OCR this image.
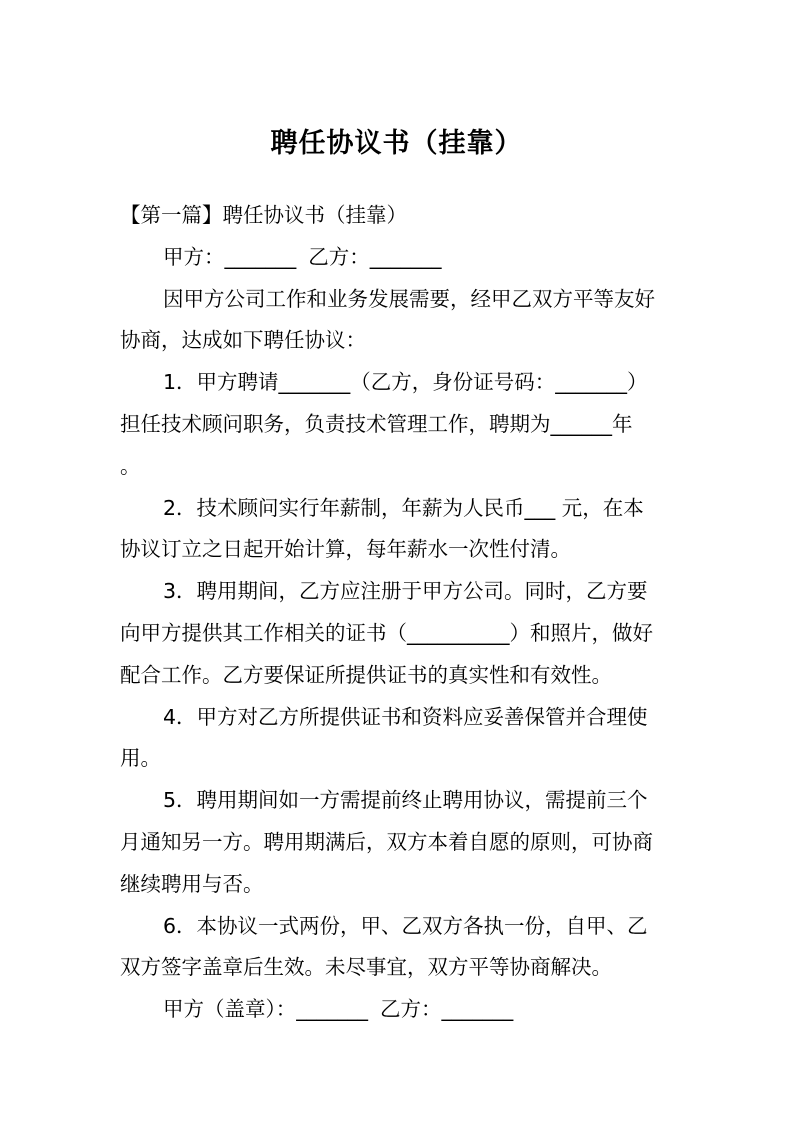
聘任协议书（挂靠）
【第一篇】聘任协议书（挂靠）
甲方：_______ 乙方：_______
因甲方公司工作和业务发展需要，经甲乙双方平等友好
协商，达成如下聘任协议：
1．甲方聘请_______（乙方，身份证号码：_______）
担任技术顾问职务，负责技术管理工作，聘期为______年
。
2．技术顾问实行年薪制，年薪为人民币___ 元，在本
协议订立之日起开始计算，每年薪水一次性付清。
3．聘用期间，乙方应注册于甲方公司。同时，乙方要
向甲方提供其工作相关的证书（__________）和照片，做好
配合工作。乙方要保证所提供证书的真实性和有效性。
4．甲方对乙方所提供证书和资料应妥善保管并合理使
用。
5．聘用期间如一方需提前终止聘用协议，需提前三个
月通知另一方。聘用期满后，双方本着自愿的原则，可协商
继续聘用与否。
6．本协议一式两份，甲、乙双方各执一份，自甲、乙
双方签字盖章后生效。未尽事宜，双方平等协商解决。
甲方（盖章）：_______ 乙方：_______
